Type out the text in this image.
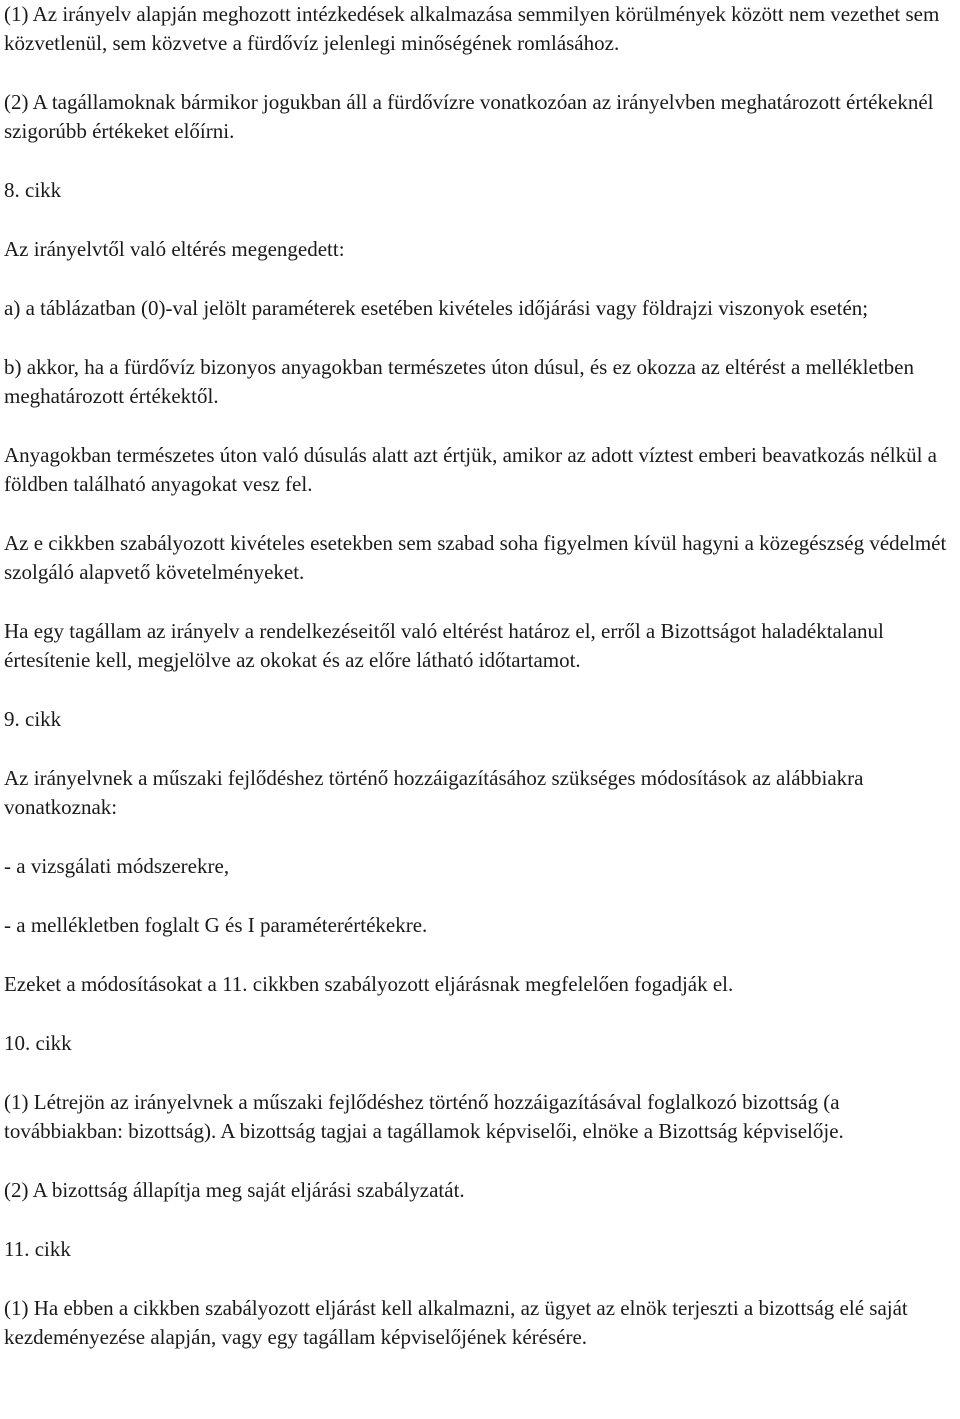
(1) Az irányelv alapján meghozott intézkedések alkalmazása semmilyen körülmények között nem vezethet sem közvetlenül, sem közvetve a fürdővíz jelenlegi minőségének romlásához.

(2) A tagállamoknak bármikor jogukban áll a fürdővízre vonatkozóan az irányelvben meghatározott értékeknél szigorúbb értékeket előírni.

8. cikk

Az irányelvtől való eltérés megengedett:

a) a táblázatban (0)-val jelölt paraméterek esetében kivételes időjárási vagy földrajzi viszonyok esetén;

b) akkor, ha a fürdővíz bizonyos anyagokban természetes úton dúsul, és ez okozza az eltérést a mellékletben meghatározott értékektől.

Anyagokban természetes úton való dúsulás alatt azt értjük, amikor az adott víztest emberi beavatkozás nélkül a földben található anyagokat vesz fel.

Az e cikkben szabályozott kivételes esetekben sem szabad soha figyelmen kívül hagyni a közegészség védelmét szolgáló alapvető követelményeket.

Ha egy tagállam az irányelv a rendelkezéseitől való eltérést határoz el, erről a Bizottságot haladéktalanul értesítenie kell, megjelölve az okokat és az előre látható időtartamot.

9. cikk

Az irányelvnek a műszaki fejlődéshez történő hozzáigazításához szükséges módosítások az alábbiakra vonatkoznak:

- a vizsgálati módszerekre,

- a mellékletben foglalt G és I paraméterértékekre.

Ezeket a módosításokat a 11. cikkben szabályozott eljárásnak megfelelően fogadják el.

10. cikk

(1) Létrejön az irányelvnek a műszaki fejlődéshez történő hozzáigazításával foglalkozó bizottság (a továbbiakban: bizottság). A bizottság tagjai a tagállamok képviselői, elnöke a Bizottság képviselője.

(2) A bizottság állapítja meg saját eljárási szabályzatát.

11. cikk

(1) Ha ebben a cikkben szabályozott eljárást kell alkalmazni, az ügyet az elnök terjeszti a bizottság elé saját kezdeményezése alapján, vagy egy tagállam képviselőjének kérésére.
